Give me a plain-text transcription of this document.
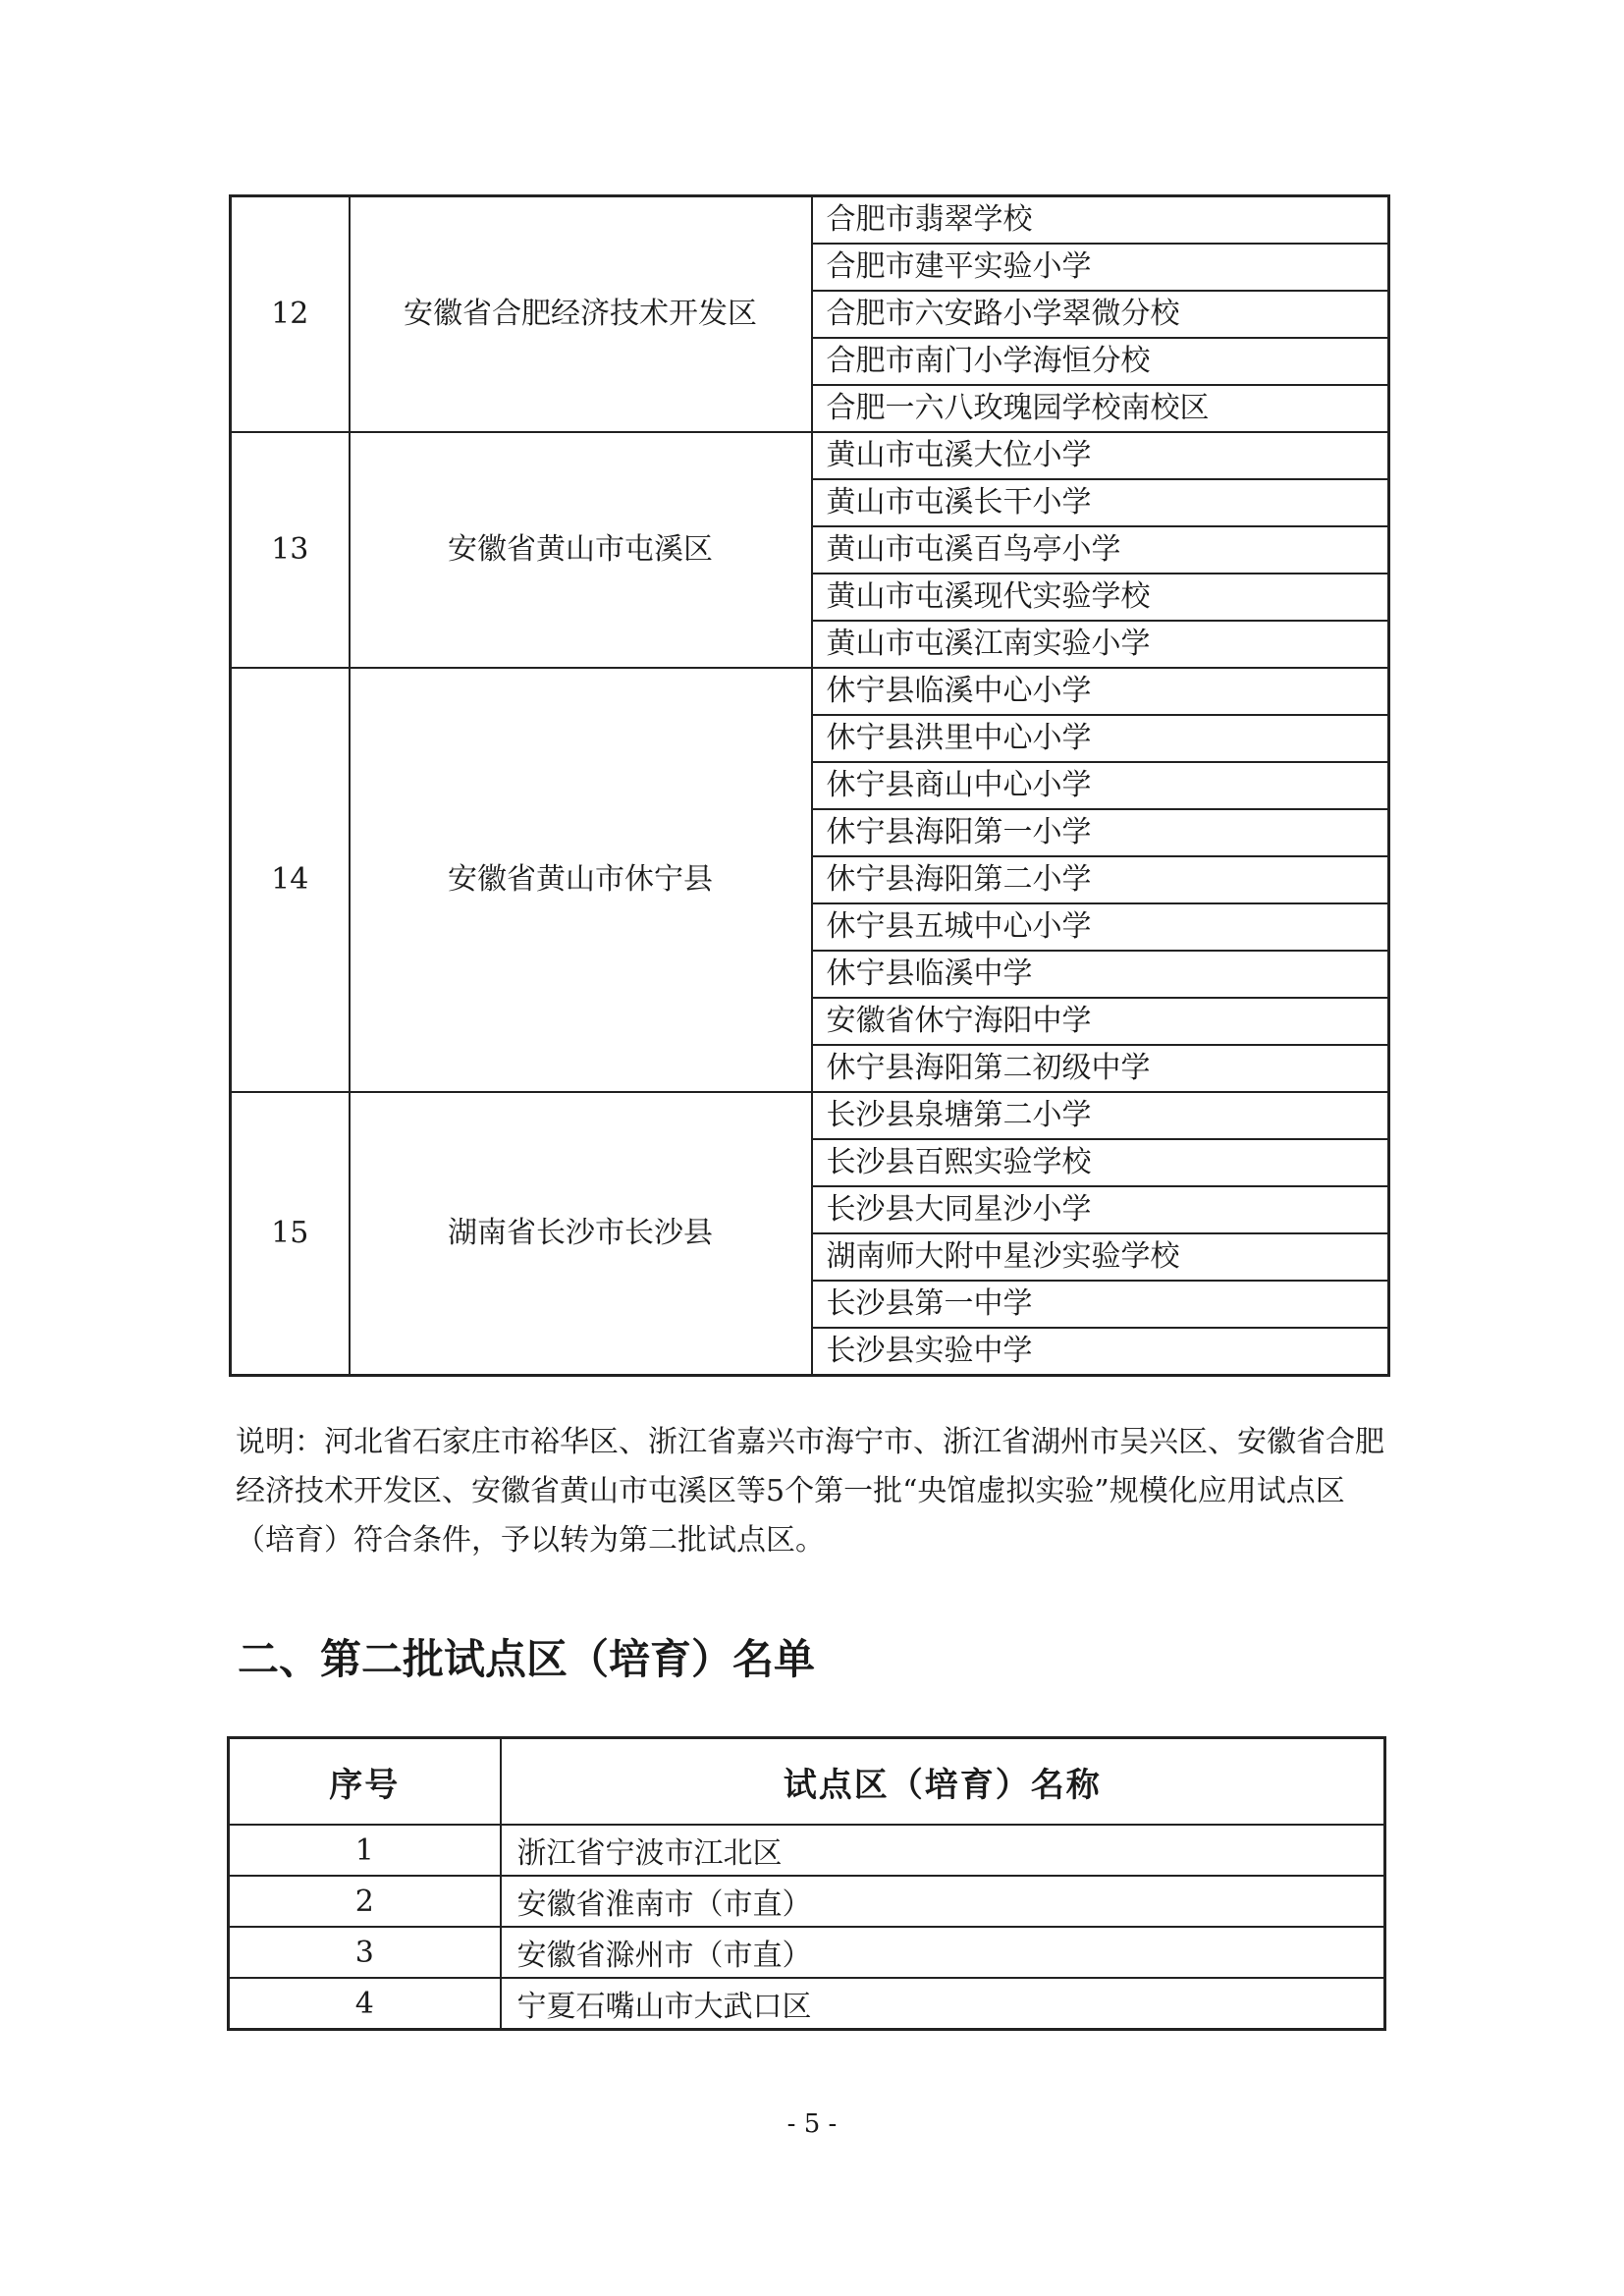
12	安徽省合肥经济技术开发区	合肥市翡翠学校
		合肥市建平实验小学
		合肥市六安路小学翠微分校
		合肥市南门小学海恒分校
		合肥一六八玫瑰园学校南校区
13	安徽省黄山市屯溪区	黄山市屯溪大位小学
		黄山市屯溪长干小学
		黄山市屯溪百鸟亭小学
		黄山市屯溪现代实验学校
		黄山市屯溪江南实验小学
14	安徽省黄山市休宁县	休宁县临溪中心小学
		休宁县洪里中心小学
		休宁县商山中心小学
		休宁县海阳第一小学
		休宁县海阳第二小学
		休宁县五城中心小学
		休宁县临溪中学
		安徽省休宁海阳中学
		休宁县海阳第二初级中学
15	湖南省长沙市长沙县	长沙县泉塘第二小学
		长沙县百熙实验学校
		长沙县大同星沙小学
		湖南师大附中星沙实验学校
		长沙县第一中学
		长沙县实验中学

说明：河北省石家庄市裕华区、浙江省嘉兴市海宁市、浙江省湖州市吴兴区、安徽省合肥经济技术开发区、安徽省黄山市屯溪区等5个第一批“央馆虚拟实验”规模化应用试点区（培育）符合条件，予以转为第二批试点区。

二、第二批试点区（培育）名单
序号	试点区（培育）名称
1	浙江省宁波市江北区
2	安徽省淮南市（市直）
3	安徽省滁州市（市直）
4	宁夏石嘴山市大武口区
- 5 -
